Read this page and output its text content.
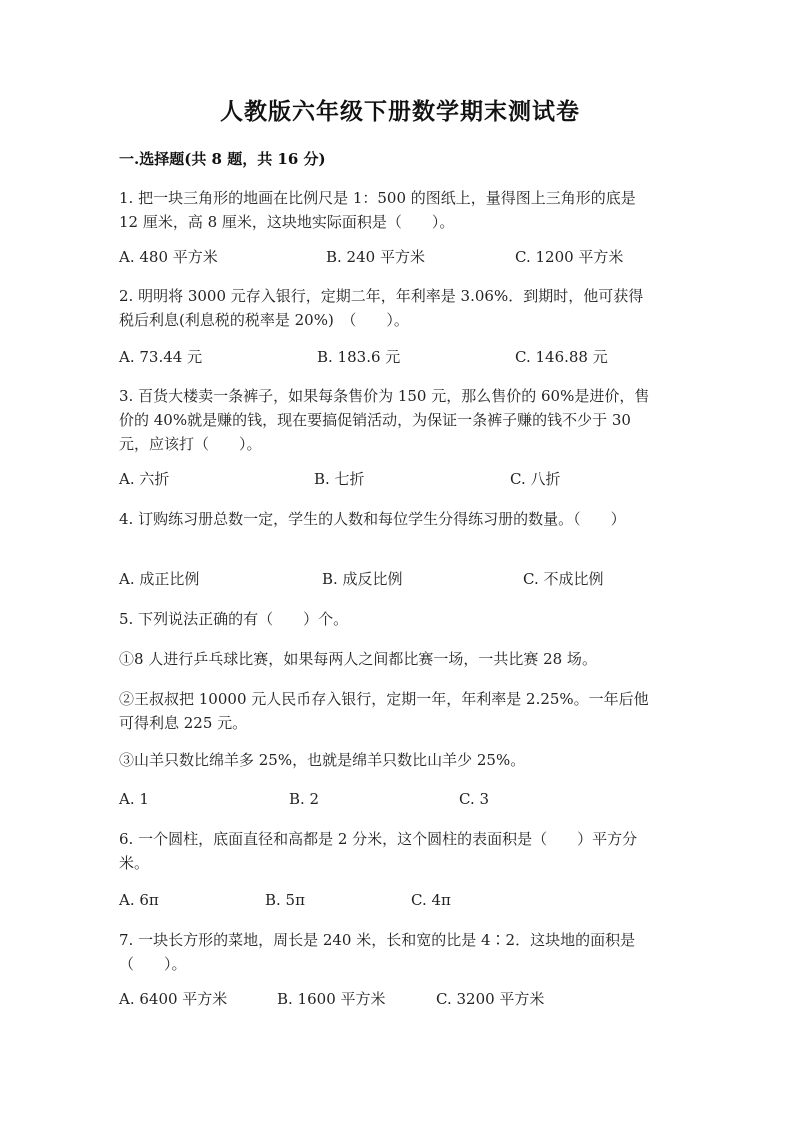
人教版六年级下册数学期末测试卷
一.选择题(共 8 题，共 16 分)
1. 把一块三角形的地画在比例尺是 1：500 的图纸上，量得图上三角形的底是
12 厘米，高 8 厘米，这块地实际面积是（　　）。
A. 480 平方米	B. 240 平方米	C. 1200 平方米
2. 明明将 3000 元存入银行，定期二年，年利率是 3.06%．到期时，他可获得
税后利息(利息税的税率是 20%)　（　　）。
A. 73.44 元	B. 183.6 元	C. 146.88 元
3. 百货大楼卖一条裤子，如果每条售价为 150 元，那么售价的 60%是进价，售
价的 40%就是赚的钱，现在要搞促销活动，为保证一条裤子赚的钱不少于 30
元，应该打（　　）。
A. 六折	B. 七折	C. 八折
4. 订购练习册总数一定，学生的人数和每位学生分得练习册的数量。（　　）
A. 成正比例	B. 成反比例	C. 不成比例
5. 下列说法正确的有（　　）个。
①8 人进行乒乓球比赛，如果每两人之间都比赛一场，一共比赛 28 场。
②王叔叔把 10000 元人民币存入银行，定期一年，年利率是 2.25%。一年后他
可得利息 225 元。
③山羊只数比绵羊多 25%，也就是绵羊只数比山羊少 25%。
A. 1	B. 2	C. 3
6. 一个圆柱，底面直径和高都是 2 分米，这个圆柱的表面积是（　　）平方分
米。
A. 6π	B. 5π	C. 4π
7. 一块长方形的菜地，周长是 240 米，长和宽的比是 4∶2．这块地的面积是
（　　）。
A. 6400 平方米	B. 1600 平方米	C. 3200 平方米
